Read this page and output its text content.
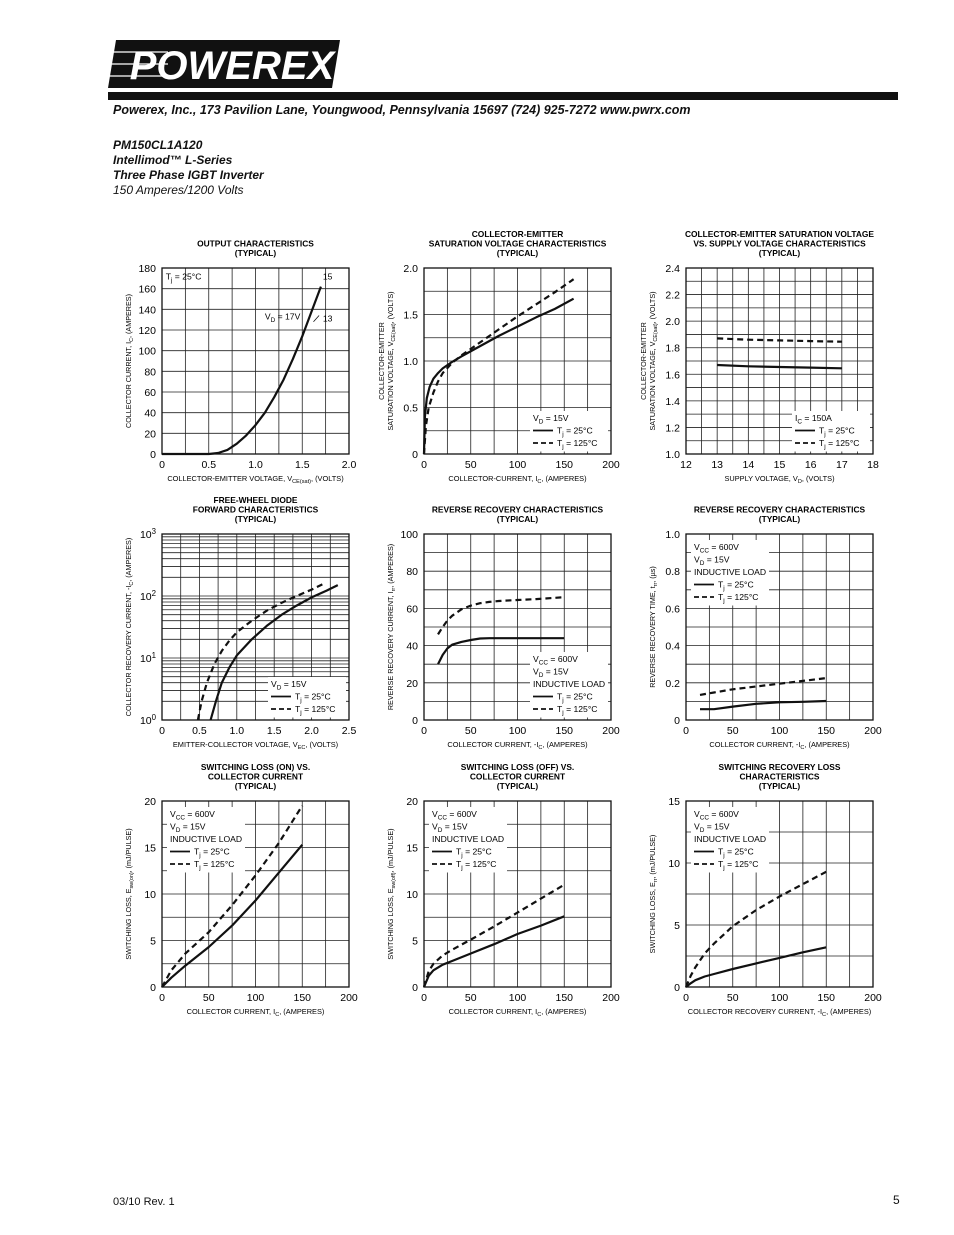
POWEREX
Powerex, Inc., 173 Pavilion Lane, Youngwood, Pennsylvania 15697 (724) 925-7272 www.pwrx.com
PM150CL1A120
Intellimod™ L-Series
Three Phase IGBT Inverter
150 Amperes/1200 Volts
OUTPUT CHARACTERISTICS
(TYPICAL)
0	0.5	1.0	1.5	2.0
0
20
40
60
80
100
120
140
160
180
COLLECTOR-EMITTER VOLTAGE, $V_{CE(sat)}$, (VOLTS)
COLLECTOR CURRENT, $I_C$, (AMPERES)
$T_j = 25^\circ C$	15
$V_D = 17V$	13
COLLECTOR-EMITTER
SATURATION VOLTAGE CHARACTERISTICS
(TYPICAL)
0	50	100	150	200
0
0.5
1.0
1.5
2.0
COLLECTOR-CURRENT, $I_C$, (AMPERES)
COLLECTOR-EMITTER SATURATION VOLTAGE, $V_{CE(sat)}$, (VOLTS)
$V_D = 15V$
$T_j = 25^\circ C$
$T_j = 125^\circ C$
COLLECTOR-EMITTER SATURATION VOLTAGE
VS. SUPPLY VOLTAGE CHARACTERISTICS
(TYPICAL)
12 13 14 15 16 17 18
1.0
1.2
1.4
1.6
1.8
2.0
2.2
2.4
SUPPLY VOLTAGE, $V_D$, (VOLTS)
COLLECTOR-EMITTER SATURATION VOLTAGE, $V_{CE(sat)}$, (VOLTS)
$I_C = 150A$
$T_j = 25^\circ C$
$T_j = 125^\circ C$
FREE-WHEEL DIODE
FORWARD CHARACTERISTICS
(TYPICAL)
0	0.5 1.0 1.5 2.0 2.5
$10^0$
$10^1$
$10^2$
$10^3$
EMITTER-COLLECTOR VOLTAGE, $V_{EC}$, (VOLTS)
COLLECTOR RECOVERY CURRENT, $-I_C$, (AMPERES)
$V_D = 15V$
$T_j = 25^\circ C$
$T_j = 125^\circ C$
REVERSE RECOVERY CHARACTERISTICS
(TYPICAL)
0	50	100	150	200
0
20
40
60
80
100
COLLECTOR CURRENT, $-I_C$, (AMPERES)
REVERSE RECOVERY CURRENT, $I_{rr}$, (AMPERES)
$V_{CC} = 600V$
$V_D = 15V$
INDUCTIVE LOAD
$T_j = 25^\circ C$
$T_j = 125^\circ C$
REVERSE RECOVERY CHARACTERISTICS
(TYPICAL)
0	50	100	150	200
0
0.2
0.4
0.6
0.8
1.0
COLLECTOR CURRENT, $-I_C$, (AMPERES)
REVERSE RECOVERY TIME, $t_{rr}$, (µs)
$V_{CC} = 600V$
$V_D = 15V$
INDUCTIVE LOAD
$T_j = 25^\circ C$
$T_j = 125^\circ C$
SWITCHING LOSS (ON) VS.
COLLECTOR CURRENT
(TYPICAL)
0	50	100	150	200
0
5
10
15
20
COLLECTOR CURRENT, $I_C$, (AMPERES)
SWITCHING LOSS, $E_{sw(on)}$, (mJ/PULSE)
$V_{CC} = 600V$
$V_D = 15V$
INDUCTIVE LOAD
$T_j = 25^\circ C$
$T_j = 125^\circ C$
SWITCHING LOSS (OFF) VS.
COLLECTOR CURRENT
(TYPICAL)
0	50	100	150	200
0
5
10
15
20
COLLECTOR CURRENT, $I_C$, (AMPERES)
SWITCHING LOSS, $E_{sw(off)}$, (mJ/PULSE)
$V_{CC} = 600V$
$V_D = 15V$
INDUCTIVE LOAD
$T_j = 25^\circ C$
$T_j = 125^\circ C$
SWITCHING RECOVERY LOSS
CHARACTERISTICS
(TYPICAL)
0	50	100	150	200
0
5
10
15
COLLECTOR RECOVERY CURRENT, $-I_C$, (AMPERES)
SWITCHING LOSS, $E_{rr}$, (mJ/PULSE)
$V_{CC} = 600V$
$V_D = 15V$
INDUCTIVE LOAD
$T_j = 25^\circ C$
$T_j = 125^\circ C$
03/10 Rev. 1	5
